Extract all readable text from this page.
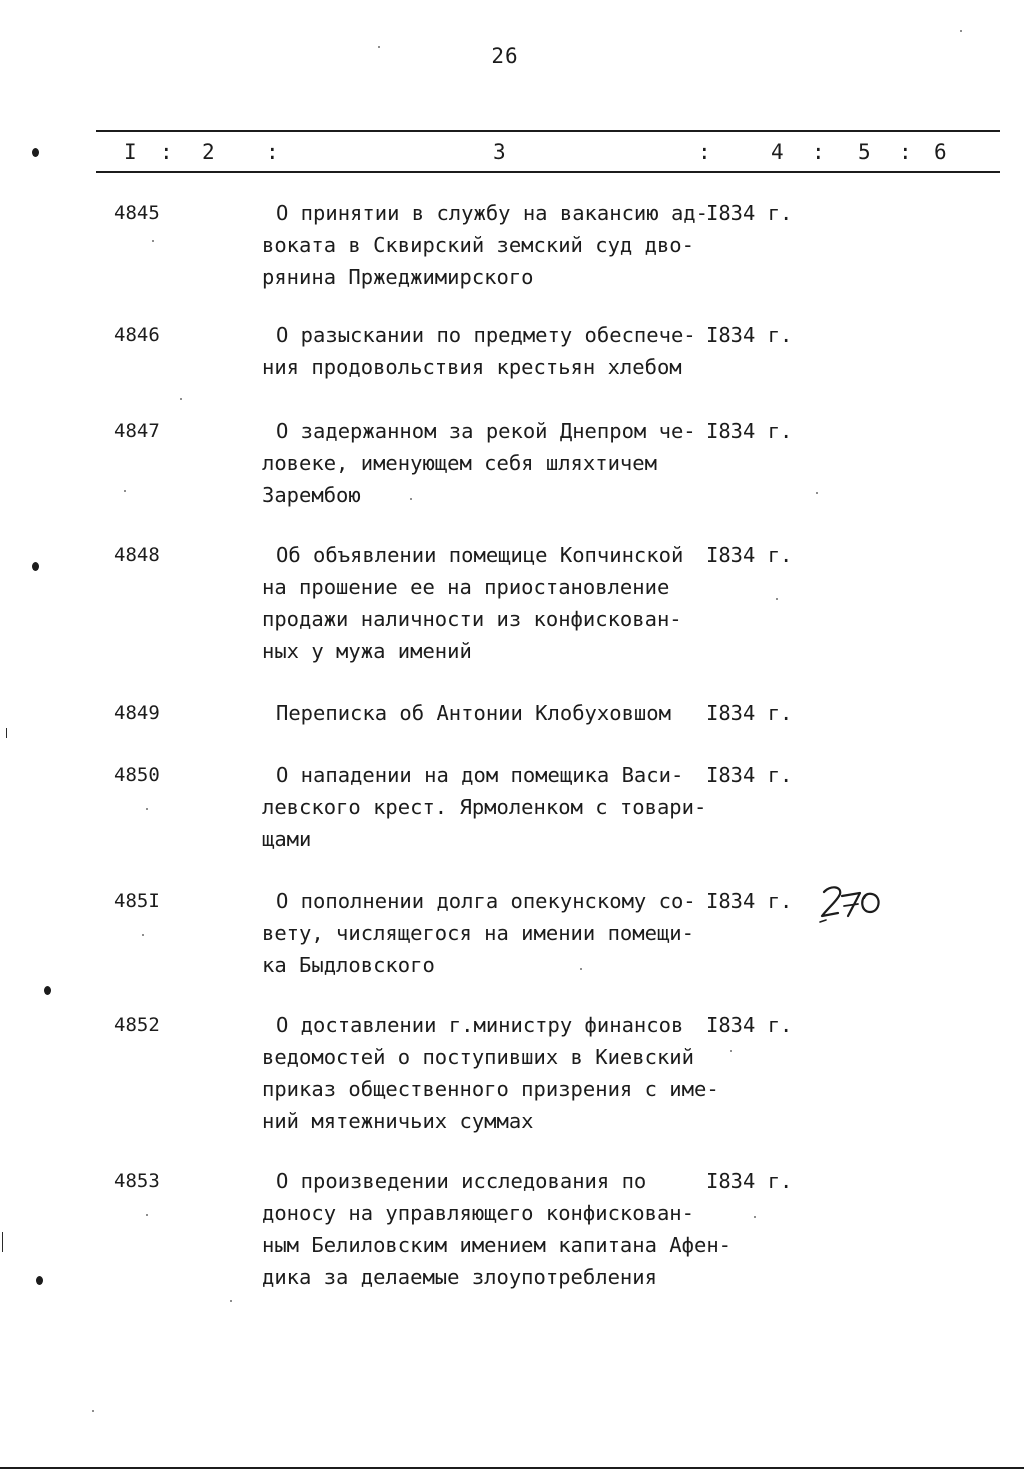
26
I : 2 :	3	:	4 : 5 : 6
4845	О принятии в службу на вакансию ад-
I834 г.
воката в Сквирский земский суд дво-
рянина Пржеджимирского
4846	О разыскании по предмету обеспече- I834 г.
ния продовольствия крестьян хлебом
4847	О задержанном за рекой Днепром че- I834 г.
ловеке, именующем себя шляхтичем
Зарембою
4848	Об объявлении помещице Копчинской I834 г.
на прошение ее на приостановление
продажи наличности из конфискован-
ных у мужа имений
4849	Переписка об Антонии Клобуховшом I834 г.
4850	О нападении на дом помещика Васи- I834 г.
левского крест. Ярмоленком с товари-
щами
485I	О пополнении долга опекунскому со- I834 г.
вету, числящегося на имении помещи-
ка Быдловского
4852	О доставлении г.министру финансов I834 г.
ведомостей о поступивших в Киевский
приказ общественного призрения с име-
ний мятежничьих суммах
4853	О произведении исследования по	I834 г.
доносу на управляющего конфискован-
ным Белиловским имением капитана Афен-
дика за делаемые злоупотребления
